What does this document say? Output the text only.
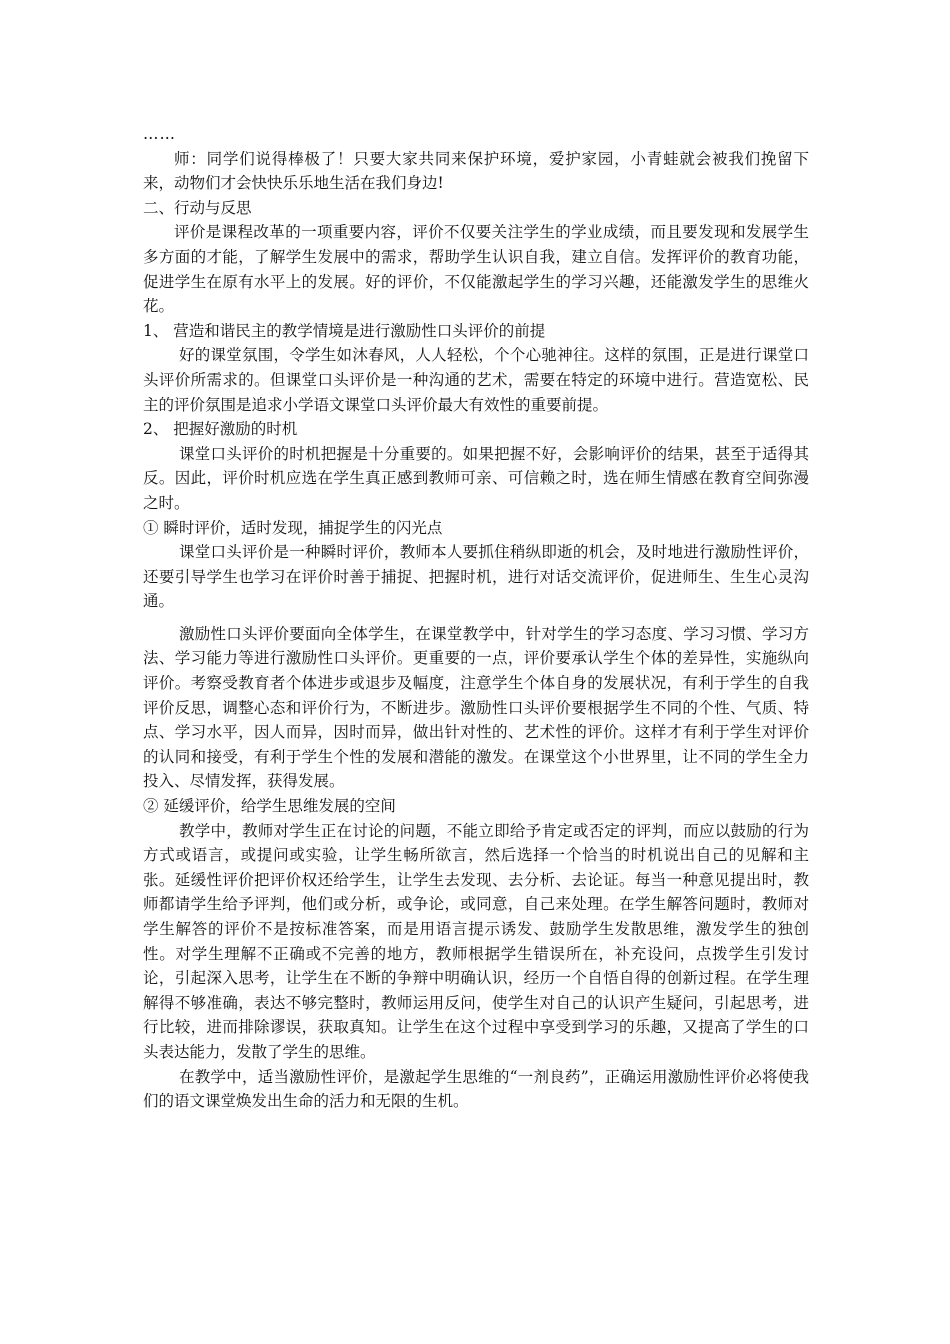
……

师：同学们说得棒极了！只要大家共同来保护环境，爱护家园，小青蛙就会被我们挽留下来，动物们才会快快乐乐地生活在我们身边!

二、行动与反思

评价是课程改革的一项重要内容，评价不仅要关注学生的学业成绩，而且要发现和发展学生多方面的才能，了解学生发展中的需求，帮助学生认识自我，建立自信。发挥评价的教育功能，促进学生在原有水平上的发展。好的评价，不仅能激起学生的学习兴趣，还能激发学生的思维火花。

1、 营造和谐民主的教学情境是进行激励性口头评价的前提

好的课堂氛围，令学生如沐春风，人人轻松，个个心驰神往。这样的氛围，正是进行课堂口头评价所需求的。但课堂口头评价是一种沟通的艺术，需要在特定的环境中进行。营造宽松、民主的评价氛围是追求小学语文课堂口头评价最大有效性的重要前提。

2、 把握好激励的时机

课堂口头评价的时机把握是十分重要的。如果把握不好，会影响评价的结果，甚至于适得其反。因此，评价时机应选在学生真正感到教师可亲、可信赖之时，选在师生情感在教育空间弥漫之时。

① 瞬时评价，适时发现，捕捉学生的闪光点

课堂口头评价是一种瞬时评价，教师本人要抓住稍纵即逝的机会，及时地进行激励性评价，还要引导学生也学习在评价时善于捕捉、把握时机，进行对话交流评价，促进师生、生生心灵沟通。

激励性口头评价要面向全体学生，在课堂教学中，针对学生的学习态度、学习习惯、学习方法、学习能力等进行激励性口头评价。更重要的一点，评价要承认学生个体的差异性，实施纵向评价。考察受教育者个体进步或退步及幅度，注意学生个体自身的发展状况，有利于学生的自我评价反思，调整心态和评价行为，不断进步。激励性口头评价要根据学生不同的个性、气质、特点、学习水平，因人而异，因时而异，做出针对性的、艺术性的评价。这样才有利于学生对评价的认同和接受，有利于学生个性的发展和潜能的激发。在课堂这个小世界里，让不同的学生全力投入、尽情发挥，获得发展。

② 延缓评价，给学生思维发展的空间

教学中，教师对学生正在讨论的问题，不能立即给予肯定或否定的评判，而应以鼓励的行为方式或语言，或提问或实验，让学生畅所欲言，然后选择一个恰当的时机说出自己的见解和主张。延缓性评价把评价权还给学生，让学生去发现、去分析、去论证。每当一种意见提出时，教师都请学生给予评判，他们或分析，或争论，或同意，自己来处理。在学生解答问题时，教师对学生解答的评价不是按标准答案，而是用语言提示诱发、鼓励学生发散思维，激发学生的独创性。对学生理解不正确或不完善的地方，教师根据学生错误所在，补充设问，点拨学生引发讨论，引起深入思考，让学生在不断的争辩中明确认识，经历一个自悟自得的创新过程。在学生理解得不够准确，表达不够完整时，教师运用反问，使学生对自己的认识产生疑问，引起思考，进行比较，进而排除谬误，获取真知。让学生在这个过程中享受到学习的乐趣，又提高了学生的口头表达能力，发散了学生的思维。

在教学中，适当激励性评价，是激起学生思维的“一剂良药”，正确运用激励性评价必将使我们的语文课堂焕发出生命的活力和无限的生机。
